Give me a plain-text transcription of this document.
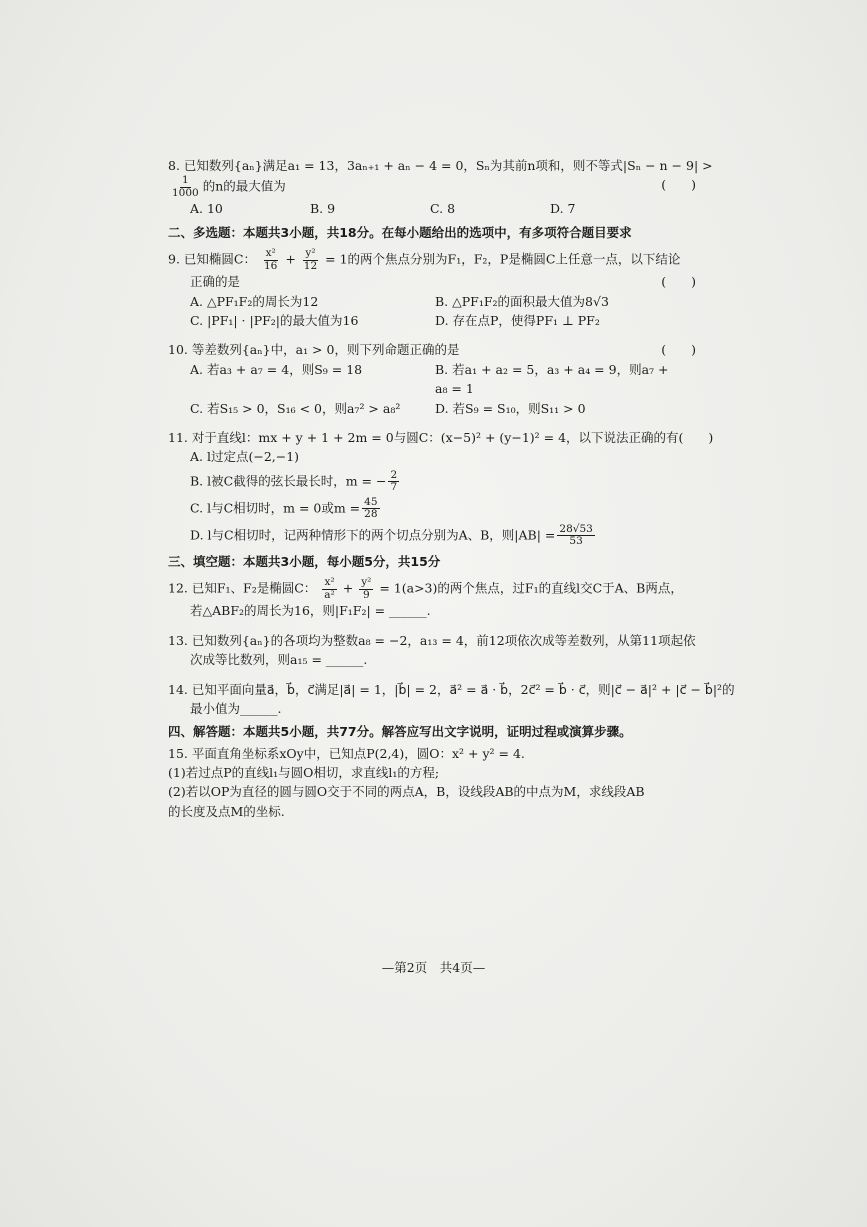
8. 已知数列{aₙ}满足a₁ = 13，3aₙ₊₁ + aₙ − 4 = 0，Sₙ为其前n项和，则不等式|Sₙ − n − 9| >
$\frac{1}{1000}$ 的n的最大值为	(　　)
A. 10	B. 9	C. 8	D. 7
二、多选题：本题共3小题，共18分。在每小题给出的选项中，有多项符合题目要求
9. 已知椭圆C： $\frac{\text{x²}}{16} + \frac{\text{y²}}{12} = 1$的两个焦点分别为F₁，F₂，P是椭圆C上任意一点，以下结论
正确的是	(　　)
A. △PF₁F₂的周长为12	B. △PF₁F₂的面积最大值为8√3
C. |PF₁| · |PF₂|的最大值为16	D. 存在点P，使得PF₁ ⊥ PF₂
10. 等差数列{aₙ}中，a₁ > 0，则下列命题正确的是	(　　)
A. 若a₃ + a₇ = 4，则S₉ = 18	B. 若a₁ + a₂ = 5，a₃ + a₄ = 9，则a₇ + a₈ = 1
C. 若S₁₅ > 0，S₁₆ < 0，则a₇² > a₈²	D. 若S₉ = S₁₀，则S₁₁ > 0
11. 对于直线l：mx + y + 1 + 2m = 0与圆C：(x−5)² + (y−1)² = 4，以下说法正确的有(　　)
A. l过定点(−2,−1)
B. l被C截得的弦长最长时，m = − $\frac{2}{7}$
C. l与C相切时，m = 0或$m = \frac{45}{28}$
D. l与C相切时，记两种情形下的两个切点分别为A、B，则$|AB| = \frac{28√53}{53}$
三、填空题：本题共3小题，每小题5分，共15分
12. 已知F₁、F₂是椭圆C： $\frac{\text{x²}}{\text{a²}} + \frac{\text{y²}}{9} = 1(a>3)$的两个焦点，过F₁的直线l交C于A、B两点，
若△ABF₂的周长为16，则|F₁F₂| = ______.
13. 已知数列{aₙ}的各项均为整数a₈ = −2，a₁₃ = 4，前12项依次成等差数列，从第11项起依
次成等比数列，则a₁₅ = ______.
14. 已知平面向量a⃗，b⃗，c⃗满足|a⃗| = 1，|b⃗| = 2，a⃗² = a⃗ · b⃗，2c⃗² = b⃗ · c⃗，则|c⃗ − a⃗|² + |c⃗ − b⃗|²的
最小值为______.
四、解答题：本题共5小题，共77分。解答应写出文字说明，证明过程或演算步骤。
15. 平面直角坐标系xOy中，已知点P(2,4)，圆O：x² + y² = 4.
(1)若过点P的直线l₁与圆O相切，求直线l₁的方程;
(2)若以OP为直径的圆与圆O交于不同的两点A，B，设线段AB的中点为M，求线段AB
的长度及点M的坐标.
—第2页　共4页—
